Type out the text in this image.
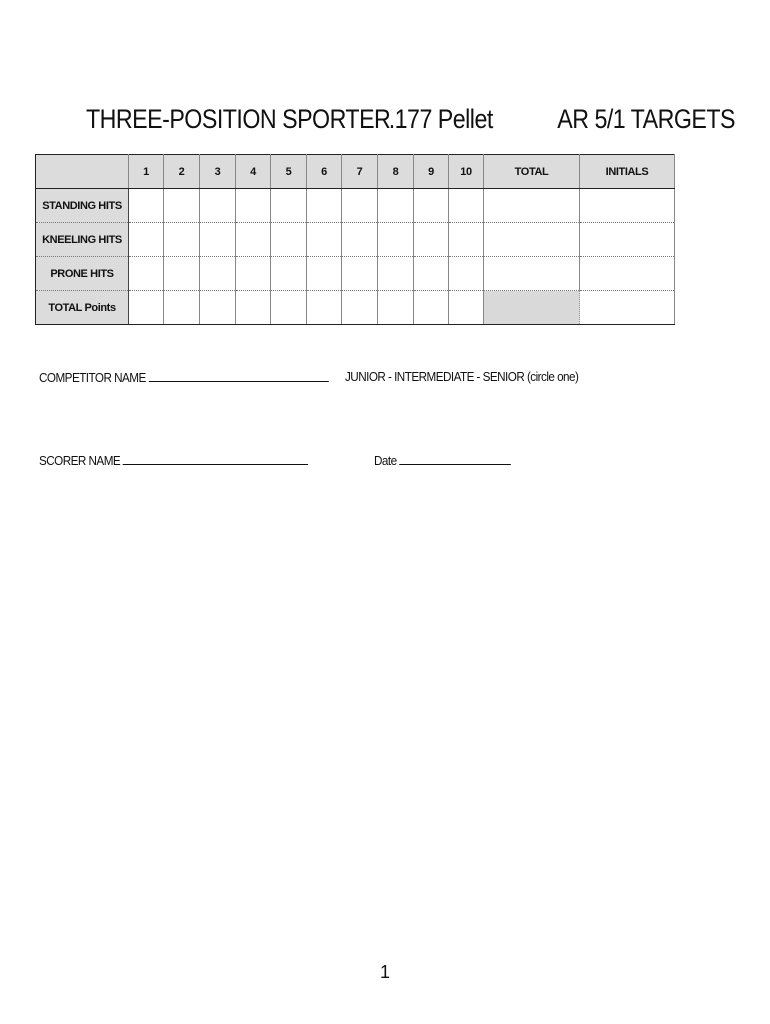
THREE-POSITION SPORTER
.177 Pellet AR 5/1 TARGETS
	1	2	3	4	5	6	7	8	9	10	TOTAL	INITIALS
STANDING HITS												
KNEELING HITS												
PRONE HITS												
TOTAL Points												
COMPETITOR NAME	JUNIOR - INTERMEDIATE - SENIOR (circle one)
SCORER NAME	Date
1
